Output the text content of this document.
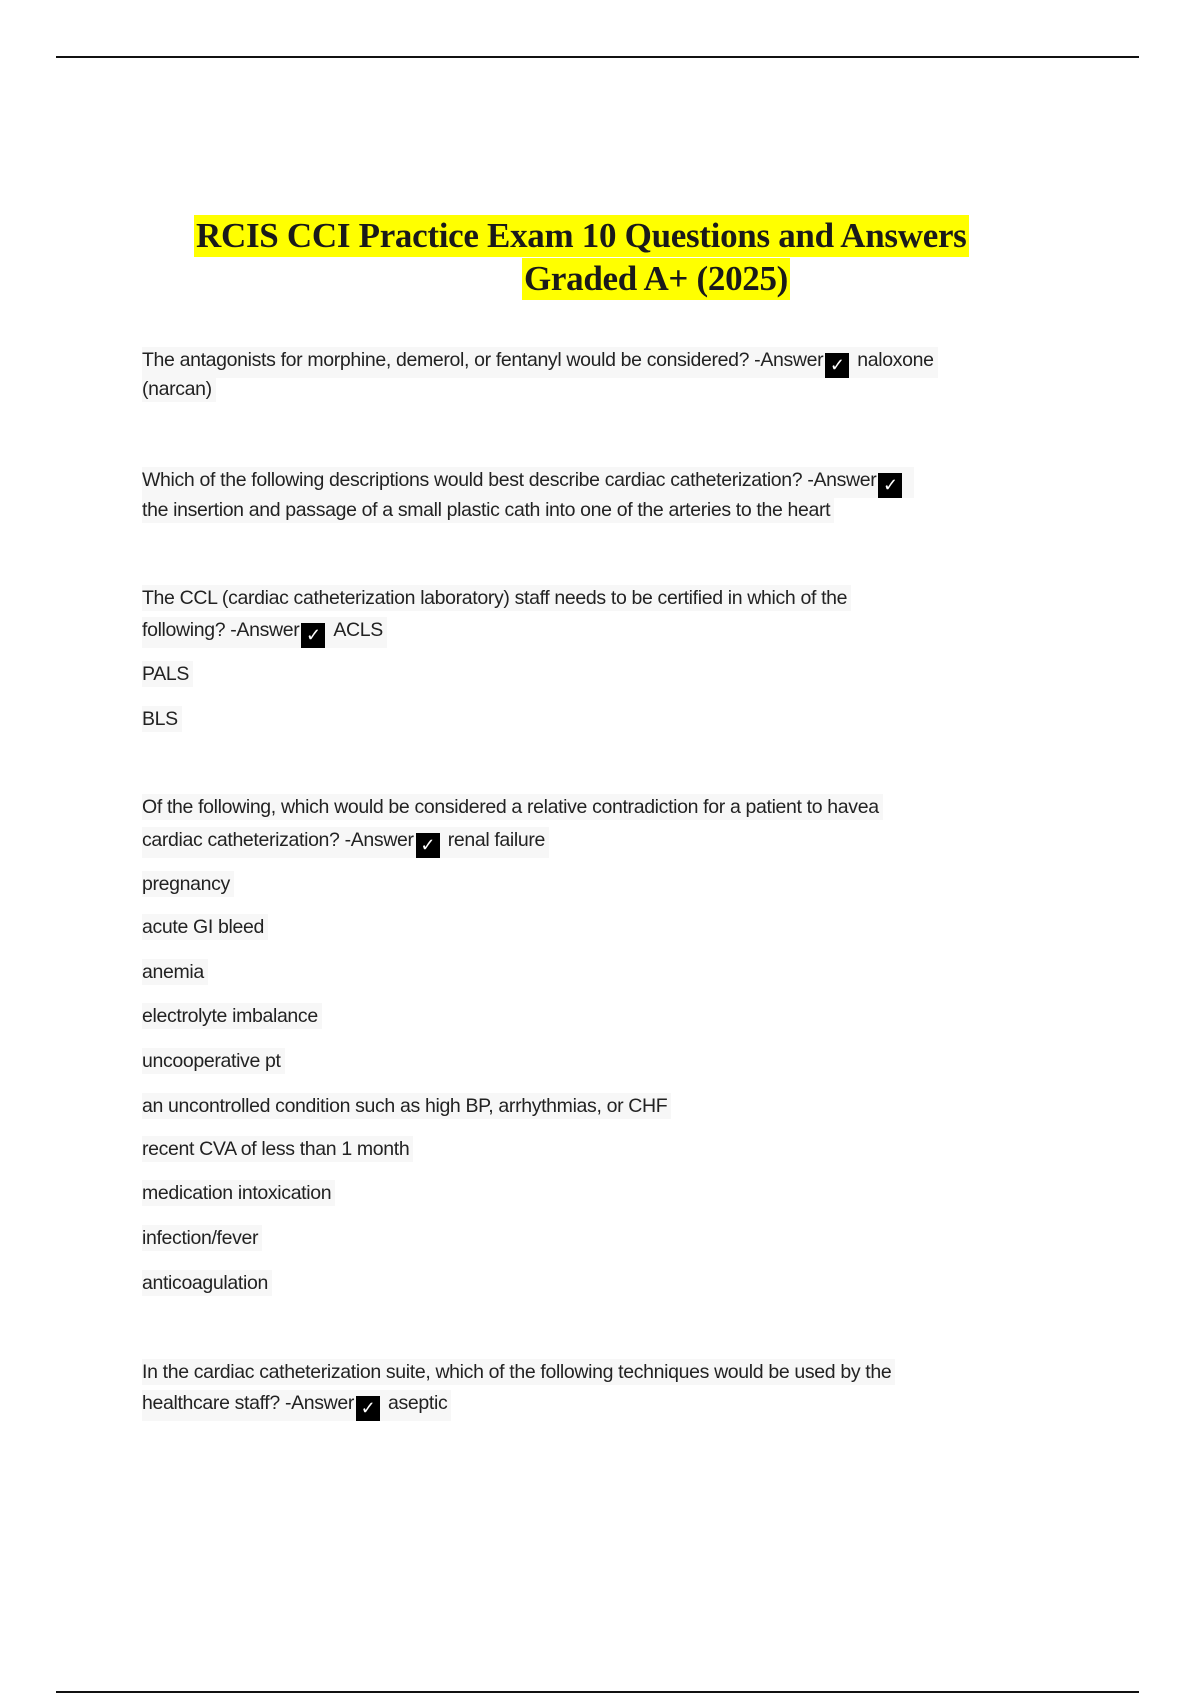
RCIS CCI Practice Exam 10 Questions and Answers
Graded A+ (2025)
The antagonists for morphine, demerol, or fentanyl would be considered? -Answer ✓ naloxone
(narcan)
Which of the following descriptions would best describe cardiac catheterization? -Answer ✓
the insertion and passage of a small plastic cath into one of the arteries to the heart
The CCL (cardiac catheterization laboratory) staff needs to be certified in which of the
following? -Answer ✓ ACLS
PALS
BLS
Of the following, which would be considered a relative contradiction for a patient to havea
cardiac catheterization? -Answer ✓ renal failure
pregnancy
acute GI bleed
anemia
electrolyte imbalance
uncooperative pt
an uncontrolled condition such as high BP, arrhythmias, or CHF
recent CVA of less than 1 month
medication intoxication
infection/fever
anticoagulation
In the cardiac catheterization suite, which of the following techniques would be used by the
healthcare staff? -Answer ✓ aseptic
